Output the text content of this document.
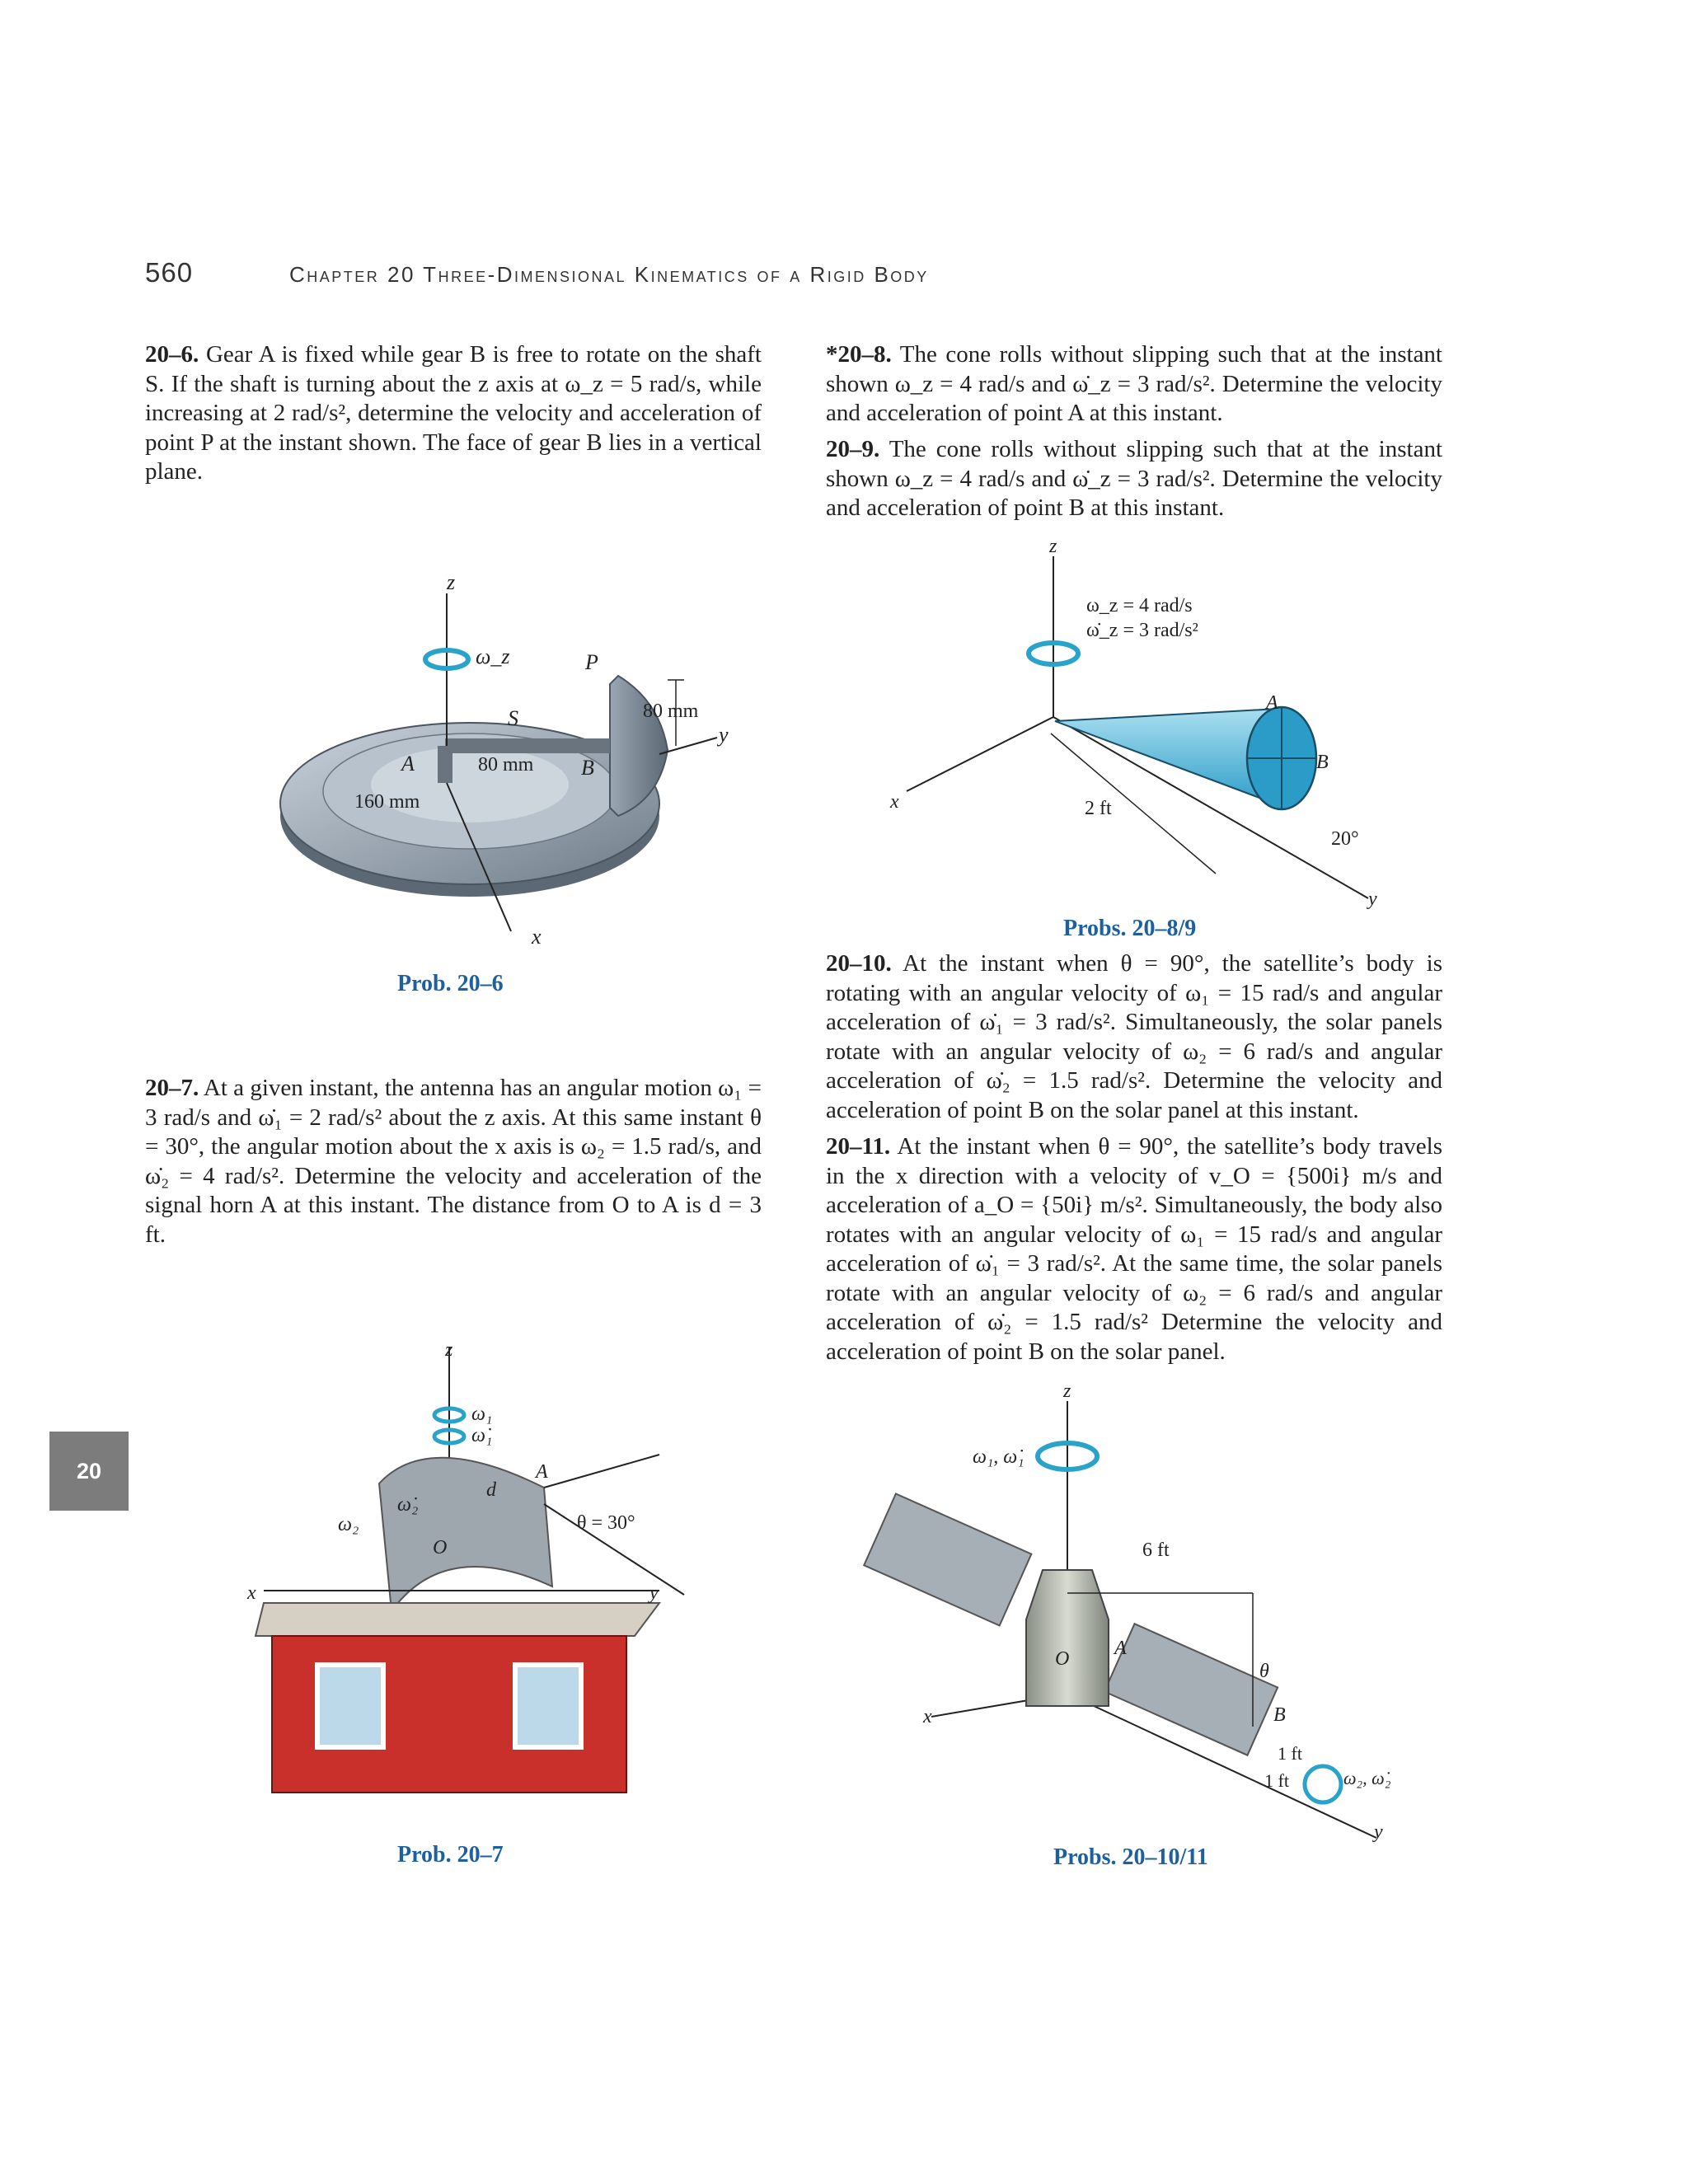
560	Chapter 20 Three-Dimensional Kinematics of a Rigid Body
20
20–6. Gear A is fixed while gear B is free to rotate on the shaft S. If the shaft is turning about the z axis at ω_z = 5 rad/s, while increasing at 2 rad/s², determine the velocity and acceleration of point P at the instant shown. The face of gear B lies in a vertical plane.
z
ω_z	P
S
A	B
80 mm
80 mm
160 mm
y
x
Prob. 20–6
20–7. At a given instant, the antenna has an angular motion ω₁ = 3 rad/s and ω̇₁ = 2 rad/s² about the z axis. At this same instant θ = 30°, the angular motion about the x axis is ω₂ = 1.5 rad/s, and ω̇₂ = 4 rad/s². Determine the velocity and acceleration of the signal horn A at this instant. The distance from O to A is d = 3 ft.
z
ω₁
ω̇₁
ω₂
ω̇₂
d
A
O
θ = 30°
x	y
Prob. 20–7
*20–8. The cone rolls without slipping such that at the instant shown ω_z = 4 rad/s and ω̇_z = 3 rad/s². Determine the velocity and acceleration of point A at this instant.
20–9. The cone rolls without slipping such that at the instant shown ω_z = 4 rad/s and ω̇_z = 3 rad/s². Determine the velocity and acceleration of point B at this instant.
z
ω_z = 4 rad/s
ω̇_z = 3 rad/s²
A
B
2 ft
20°
x
y
Probs. 20–8/9
20–10. At the instant when θ = 90°, the satellite’s body is rotating with an angular velocity of ω₁ = 15 rad/s and angular acceleration of ω̇₁ = 3 rad/s². Simultaneously, the solar panels rotate with an angular velocity of ω₂ = 6 rad/s and angular acceleration of ω̇₂ = 1.5 rad/s². Determine the velocity and acceleration of point B on the solar panel at this instant.
20–11. At the instant when θ = 90°, the satellite’s body travels in the x direction with a velocity of v_O = {500i} m/s and acceleration of a_O = {50i} m/s². Simultaneously, the body also rotates with an angular velocity of ω₁ = 15 rad/s and angular acceleration of ω̇₁ = 3 rad/s². At the same time, the solar panels rotate with an angular velocity of ω₂ = 6 rad/s and angular acceleration of ω̇₂ = 1.5 rad/s² Determine the velocity and acceleration of point B on the solar panel.
z
ω₁, ω̇₁
6 ft
θ
A
O
B
1 ft
1 ft	ω₂, ω̇₂
x
y
Probs. 20–10/11
